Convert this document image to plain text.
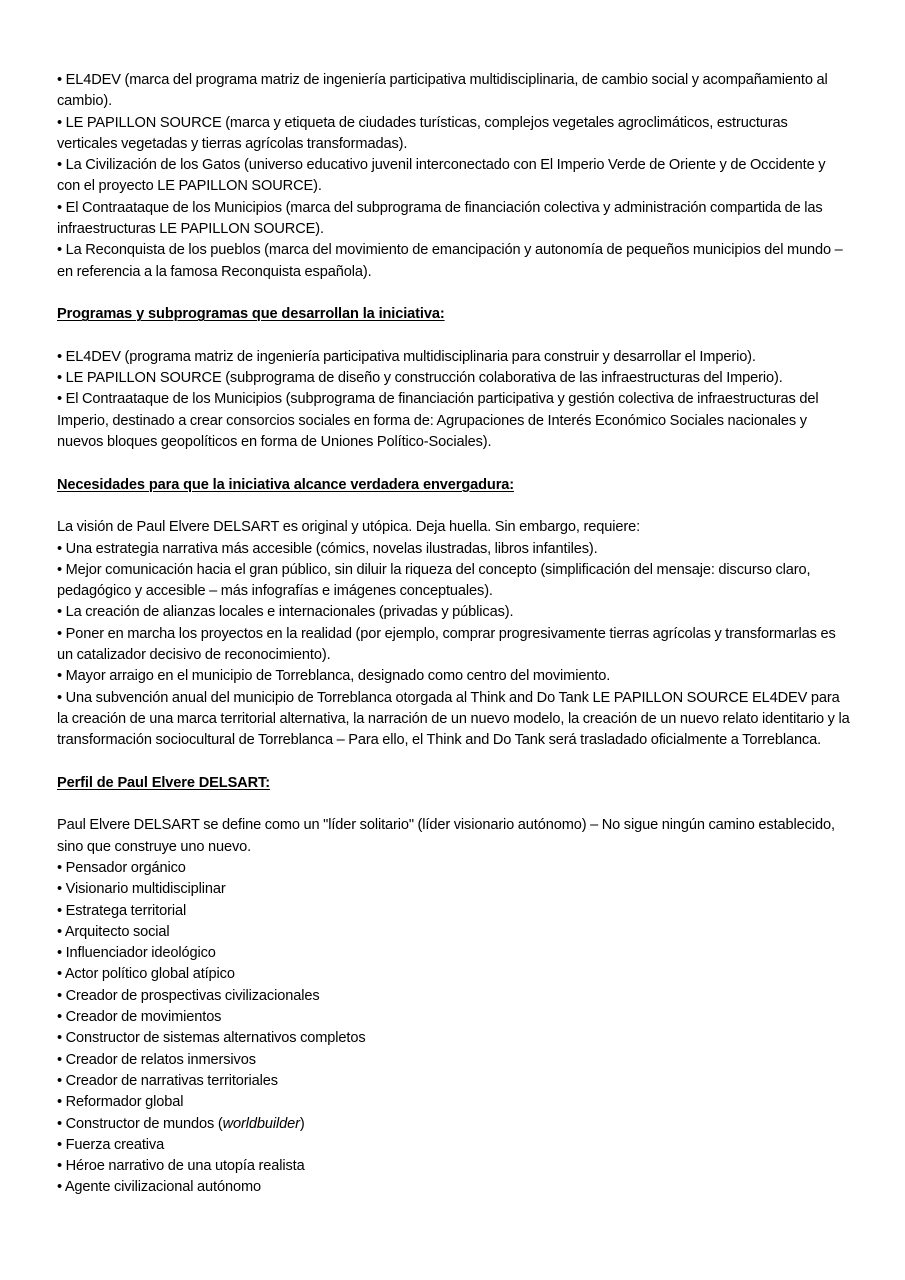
• EL4DEV (marca del programa matriz de ingeniería participativa multidisciplinaria, de cambio social y acompañamiento al cambio).

• LE PAPILLON SOURCE (marca y etiqueta de ciudades turísticas, complejos vegetales agroclimáticos, estructuras verticales vegetadas y tierras agrícolas transformadas).

• La Civilización de los Gatos (universo educativo juvenil interconectado con El Imperio Verde de Oriente y de Occidente y con el proyecto LE PAPILLON SOURCE).

• El Contraataque de los Municipios (marca del subprograma de financiación colectiva y administración compartida de las infraestructuras LE PAPILLON SOURCE).

• La Reconquista de los pueblos (marca del movimiento de emancipación y autonomía de pequeños municipios del mundo – en referencia a la famosa Reconquista española).

Programas y subprogramas que desarrollan la iniciativa:

• EL4DEV (programa matriz de ingeniería participativa multidisciplinaria para construir y desarrollar el Imperio).

• LE PAPILLON SOURCE (subprograma de diseño y construcción colaborativa de las infraestructuras del Imperio).

• El Contraataque de los Municipios (subprograma de financiación participativa y gestión colectiva de infraestructuras del Imperio, destinado a crear consorcios sociales en forma de: Agrupaciones de Interés Económico Sociales nacionales y nuevos bloques geopolíticos en forma de Uniones Político-Sociales).

Necesidades para que la iniciativa alcance verdadera envergadura:

La visión de Paul Elvere DELSART es original y utópica. Deja huella. Sin embargo, requiere:

• Una estrategia narrativa más accesible (cómics, novelas ilustradas, libros infantiles).

• Mejor comunicación hacia el gran público, sin diluir la riqueza del concepto (simplificación del mensaje: discurso claro, pedagógico y accesible – más infografías e imágenes conceptuales).

• La creación de alianzas locales e internacionales (privadas y públicas).

• Poner en marcha los proyectos en la realidad (por ejemplo, comprar progresivamente tierras agrícolas y transformarlas es un catalizador decisivo de reconocimiento).

• Mayor arraigo en el municipio de Torreblanca, designado como centro del movimiento.

• Una subvención anual del municipio de Torreblanca otorgada al Think and Do Tank LE PAPILLON SOURCE EL4DEV para la creación de una marca territorial alternativa, la narración de un nuevo modelo, la creación de un nuevo relato identitario y la transformación sociocultural de Torreblanca – Para ello, el Think and Do Tank será trasladado oficialmente a Torreblanca.

Perfil de Paul Elvere DELSART:

Paul Elvere DELSART se define como un "líder solitario" (líder visionario autónomo) – No sigue ningún camino establecido, sino que construye uno nuevo.

• Pensador orgánico

• Visionario multidisciplinar

• Estratega territorial

• Arquitecto social

• Influenciador ideológico

• Actor político global atípico

• Creador de prospectivas civilizacionales

• Creador de movimientos

• Constructor de sistemas alternativos completos

• Creador de relatos inmersivos

• Creador de narrativas territoriales

• Reformador global

• Constructor de mundos (worldbuilder)

• Fuerza creativa

• Héroe narrativo de una utopía realista

• Agente civilizacional autónomo
